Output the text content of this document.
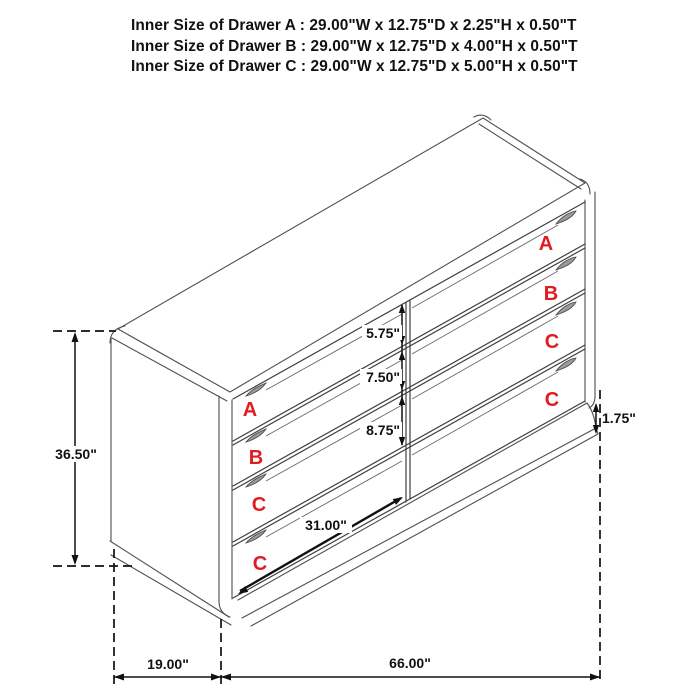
Inner Size of Drawer A : 29.00"W x 12.75"D x 2.25"H x 0.50"T
Inner Size of Drawer B : 29.00"W x 12.75"D x 4.00"H x 0.50"T
Inner Size of Drawer C : 29.00"W x 12.75"D x 5.00"H x 0.50"T
36.50"
5.75"
7.50"
8.75"
31.00"
1.75"
19.00"	66.00"
A
B
C
C
A
B
C
C
